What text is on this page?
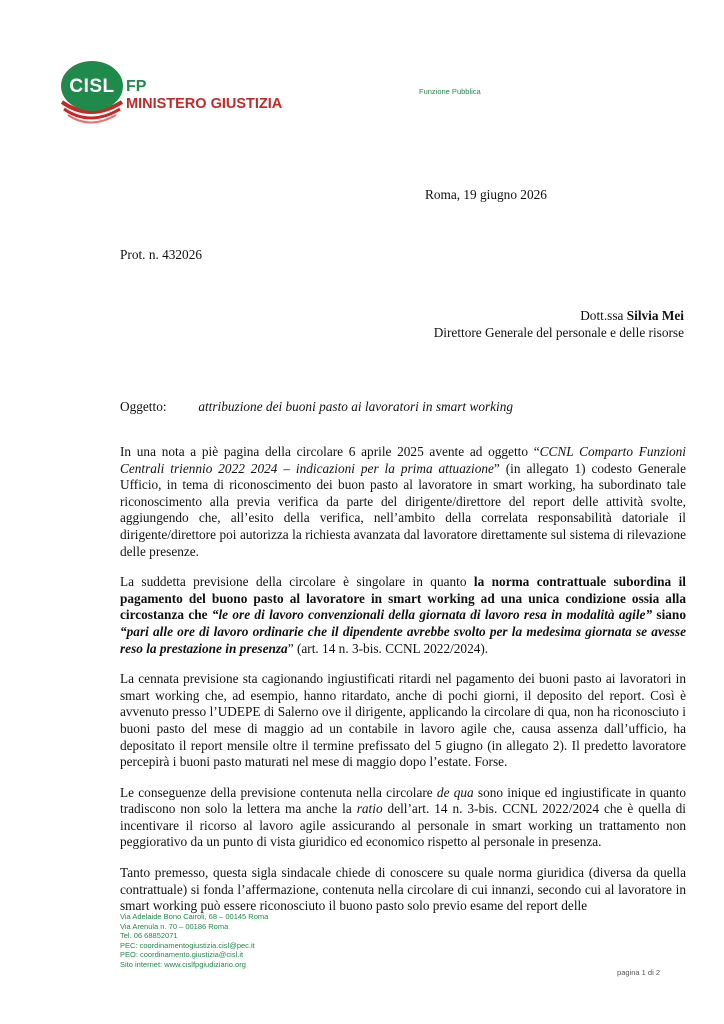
CISL FP
MINISTERO GIUSTIZIA
Funzione Pubblica
Roma, 19 giugno 2026
Prot. n. 432026
Dott.ssa Silvia Mei
Direttore Generale del personale e delle risorse
Oggetto: attribuzione dei buoni pasto ai lavoratori in smart working

In una nota a piè pagina della circolare 6 aprile 2025 avente ad oggetto “CCNL Comparto Funzioni Centrali triennio 2022 2024 – indicazioni per la prima attuazione” (in allegato 1) codesto Generale Ufficio, in tema di riconoscimento dei buon pasto al lavoratore in smart working, ha subordinato tale riconoscimento alla previa verifica da parte del dirigente/direttore del report delle attività svolte, aggiungendo che, all’esito della verifica, nell’ambito della correlata responsabilità datoriale il dirigente/direttore poi autorizza la richiesta avanzata dal lavoratore direttamente sul sistema di rilevazione delle presenze.

La suddetta previsione della circolare è singolare in quanto la norma contrattuale subordina il pagamento del buono pasto al lavoratore in smart working ad una unica condizione ossia alla circostanza che “le ore di lavoro convenzionali della giornata di lavoro resa in modalità agile” siano “pari alle ore di lavoro ordinarie che il dipendente avrebbe svolto per la medesima giornata se avesse reso la prestazione in presenza” (art. 14 n. 3-bis. CCNL 2022/2024).

La cennata previsione sta cagionando ingiustificati ritardi nel pagamento dei buoni pasto ai lavoratori in smart working che, ad esempio, hanno ritardato, anche di pochi giorni, il deposito del report. Così è avvenuto presso l’UDEPE di Salerno ove il dirigente, applicando la circolare di qua, non ha riconosciuto i buoni pasto del mese di maggio ad un contabile in lavoro agile che, causa assenza dall’ufficio, ha depositato il report mensile oltre il termine prefissato del 5 giugno (in allegato 2). Il predetto lavoratore percepirà i buoni pasto maturati nel mese di maggio dopo l’estate. Forse.

Le conseguenze della previsione contenuta nella circolare de qua sono inique ed ingiustificate in quanto tradiscono non solo la lettera ma anche la ratio dell’art. 14 n. 3-bis. CCNL 2022/2024 che è quella di incentivare il ricorso al lavoro agile assicurando al personale in smart working un trattamento non peggiorativo da un punto di vista giuridico ed economico rispetto al personale in presenza.

Tanto premesso, questa sigla sindacale chiede di conoscere su quale norma giuridica (diversa da quella contrattuale) si fonda l’affermazione, contenuta nella circolare di cui innanzi, secondo cui al lavoratore in smart working può essere riconosciuto il buono pasto solo previo esame del report delle

Via Adelaide Bono Cairoli, 68 – 00145 Roma
Via Arenula n. 70 – 00186 Roma
Tel. 06 68852071
PEC: coordinamentogiustizia.cisl@pec.it
PEO: coordinamento.giustizia@cisl.it
Sito internet: www.cislfpgiudiziario.org
pagina 1 di 2
